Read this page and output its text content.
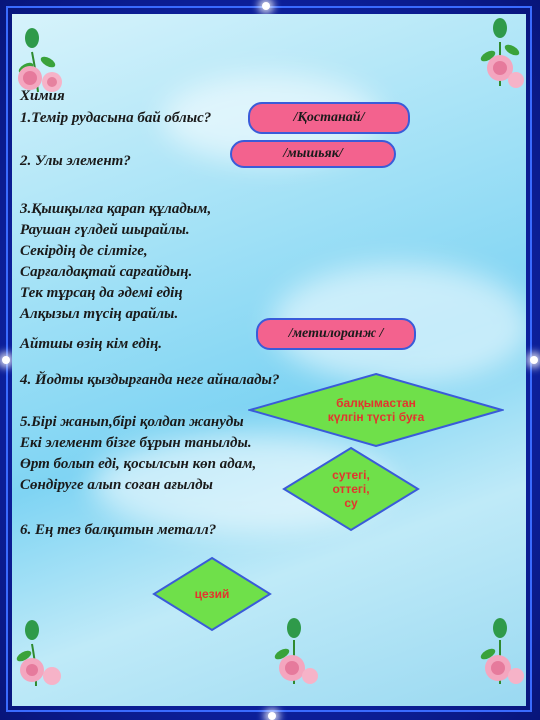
Химия
1.Темір рудасына бай облыс?
2. Улы элемент?
3.Қышқылға қарап құладым,
Раушан гүлдей шырайлы.
Секірдің де сілтіге,
Сарғалдақтай сарғайдың.
Тек тұрсаң да әдемі едің
Алқызыл түсің арайлы.
Айтшы өзің кім едің.
4. Йодты қыздырғанда неге айналады?
5.Бірі жанып,бірі қолдап жануды
Екі элемент бізге бұрын танылды.
Өрт болып еді, қосылсын көп адам,
Сөндіруге алып соған ағылды
6. Ең тез балқитын металл?
/Қостанай/
/мышьяк/
/метилоранж /
балқымастан
күлгін түсті буға
сутегі,
оттегі,
су
цезий
